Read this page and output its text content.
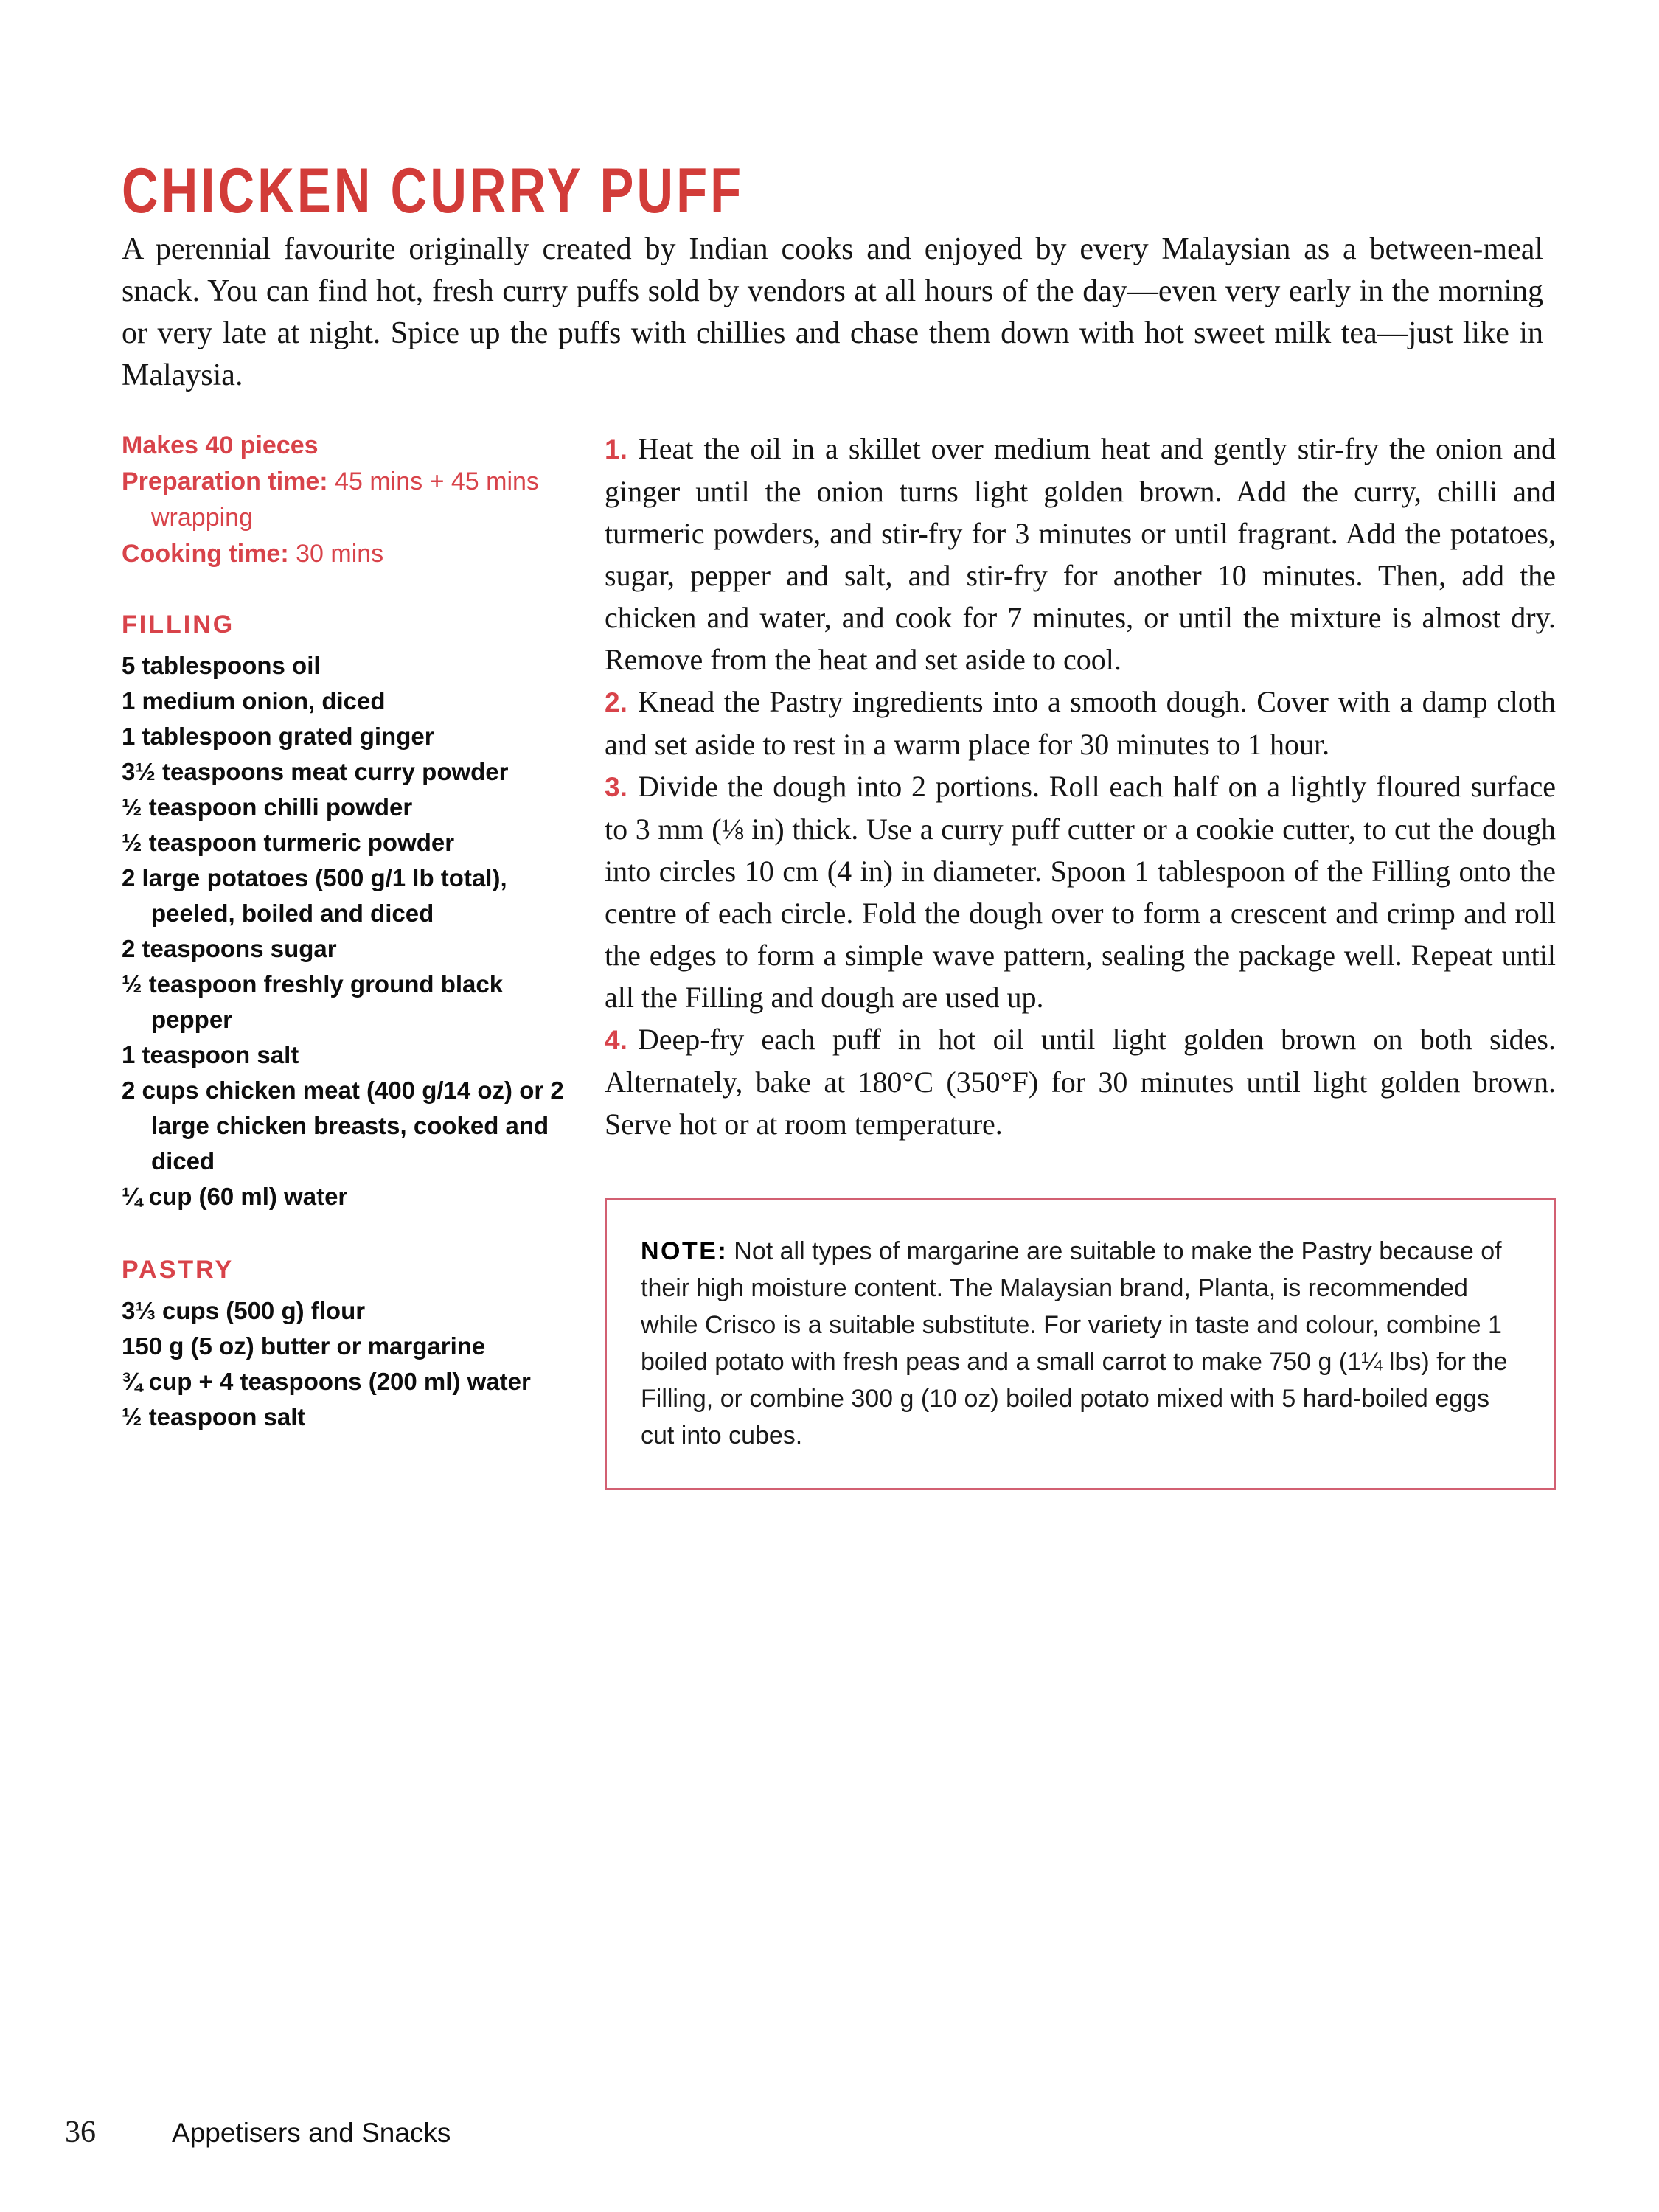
CHICKEN CURRY PUFF

A perennial favourite originally created by Indian cooks and enjoyed by every Malaysian as a between-meal snack. You can find hot, fresh curry puffs sold by vendors at all hours of the day—even very early in the morning or very late at night. Spice up the puffs with chillies and chase them down with hot sweet milk tea—just like in Malaysia.

Makes 40 pieces
Preparation time: 45 mins + 45 mins wrapping
Cooking time: 30 mins
FILLING
5 tablespoons oil
1 medium onion, diced
1 tablespoon grated ginger
3½ teaspoons meat curry powder
½ teaspoon chilli powder
½ teaspoon turmeric powder
2 large potatoes (500 g/1 lb total), peeled, boiled and diced
2 teaspoons sugar
½ teaspoon freshly ground black pepper
1 teaspoon salt
2 cups chicken meat (400 g/14 oz) or 2 large chicken breasts, cooked and diced
¼ cup (60 ml) water
PASTRY
3⅓ cups (500 g) flour
150 g (5 oz) butter or margarine
¾ cup + 4 teaspoons (200 ml) water
½ teaspoon salt
1. Heat the oil in a skillet over medium heat and gently stir-fry the onion and ginger until the onion turns light golden brown. Add the curry, chilli and turmeric powders, and stir-fry for 3 minutes or until fragrant. Add the potatoes, sugar, pepper and salt, and stir-fry for another 10 minutes. Then, add the chicken and water, and cook for 7 minutes, or until the mixture is almost dry. Remove from the heat and set aside to cool.
2. Knead the Pastry ingredients into a smooth dough. Cover with a damp cloth and set aside to rest in a warm place for 30 minutes to 1 hour.
3. Divide the dough into 2 portions. Roll each half on a lightly floured surface to 3 mm (⅛ in) thick. Use a curry puff cutter or a cookie cutter, to cut the dough into circles 10 cm (4 in) in diameter. Spoon 1 tablespoon of the Filling onto the centre of each circle. Fold the dough over to form a crescent and crimp and roll the edges to form a simple wave pattern, sealing the package well. Repeat until all the Filling and dough are used up.
4. Deep-fry each puff in hot oil until light golden brown on both sides. Alternately, bake at 180°C (350°F) for 30 minutes until light golden brown. Serve hot or at room temperature.
NOTE: Not all types of margarine are suitable to make the Pastry because of their high moisture content. The Malaysian brand, Planta, is recommended while Crisco is a suitable substitute. For variety in taste and colour, combine 1 boiled potato with fresh peas and a small carrot to make 750 g (1¼ lbs) for the Filling, or combine 300 g (10 oz) boiled potato mixed with 5 hard-boiled eggs cut into cubes.
36	Appetisers and Snacks
